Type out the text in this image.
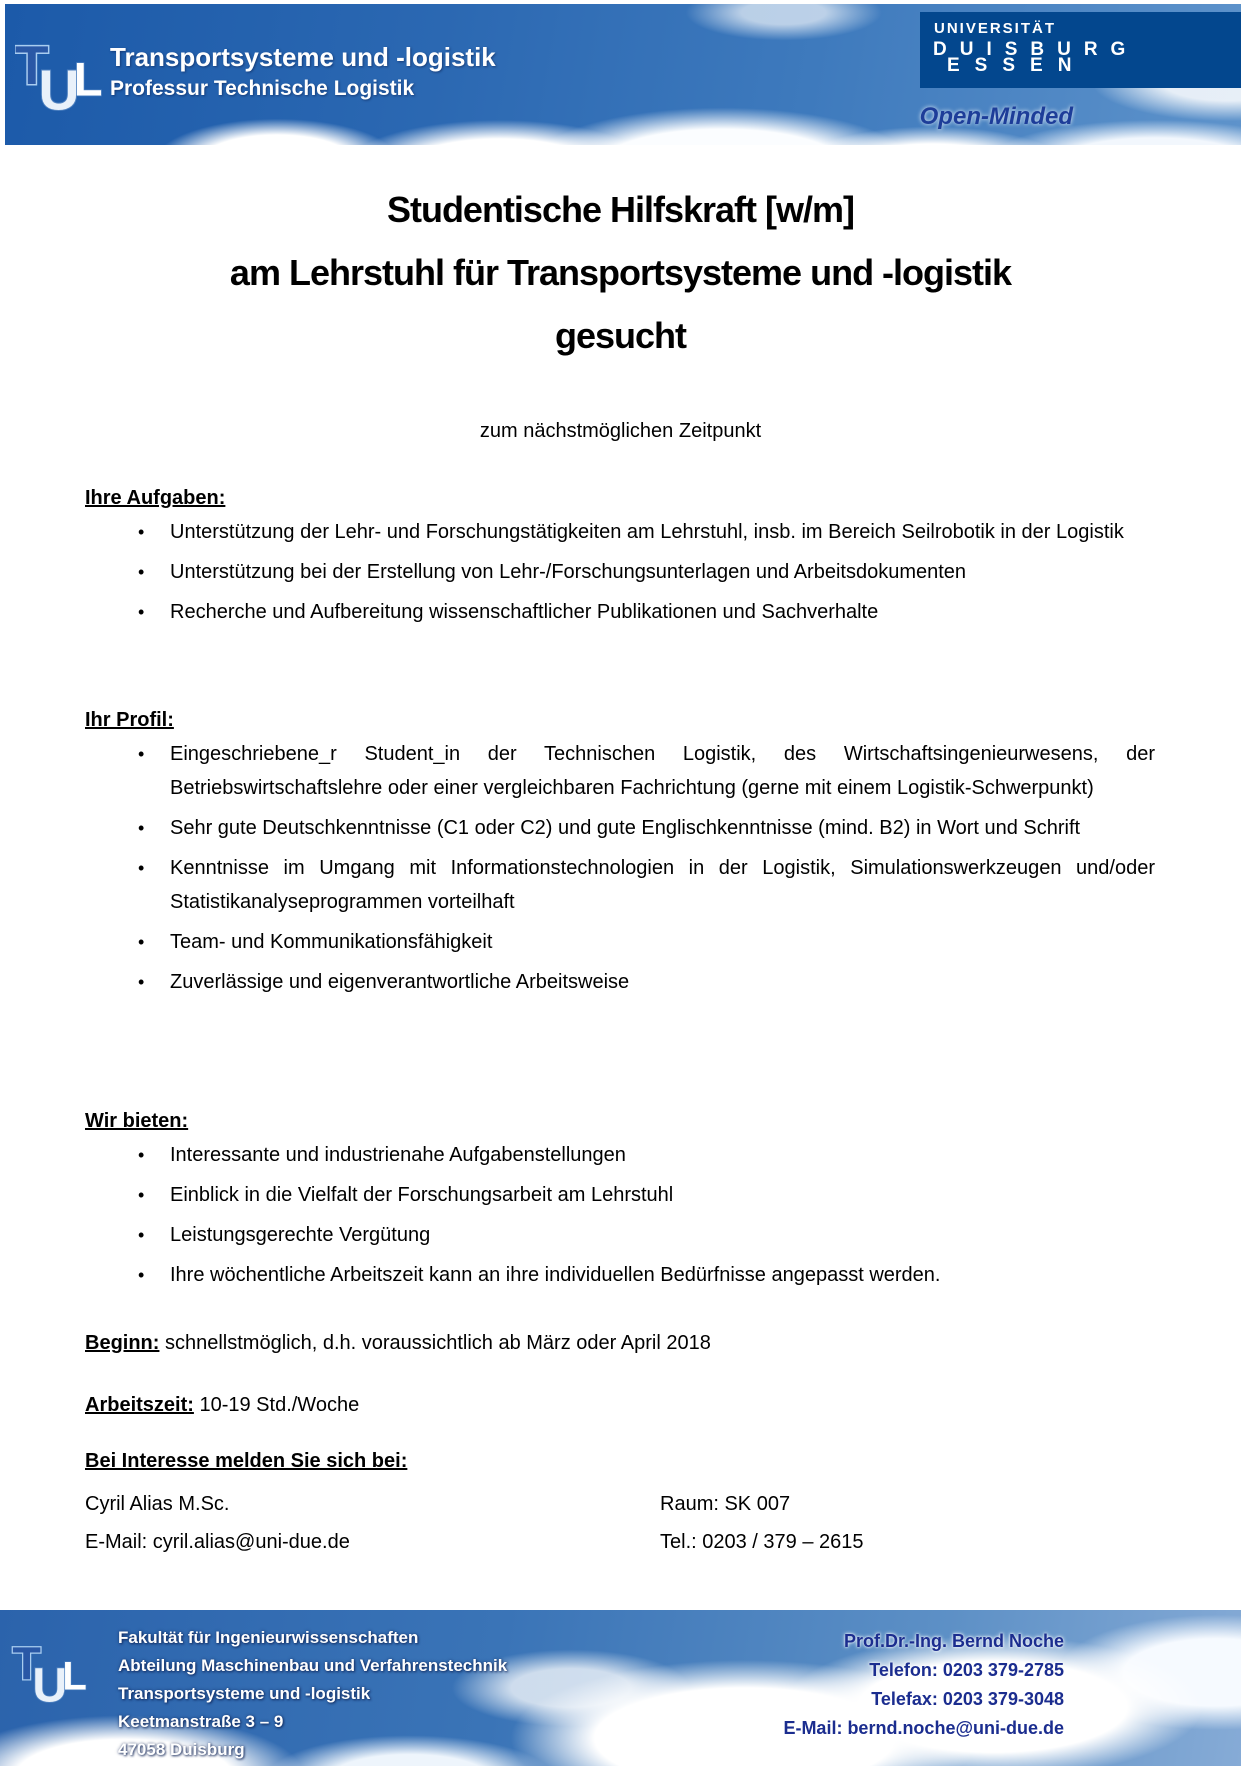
T
U
L Transportsysteme und -logistik
Professur Technische Logistik
UNIVERSITÄT
DUISBURG
ESSEN
Open-Minded
Studentische Hilfskraft [w/m]
am Lehrstuhl für Transportsysteme und -logistik
gesucht
zum nächstmöglichen Zeitpunkt
Ihre Aufgaben:
• Unterstützung der Lehr- und Forschungstätigkeiten am Lehrstuhl, insb. im Bereich Seilrobotik in der Logistik
• Unterstützung bei der Erstellung von Lehr-/Forschungsunterlagen und Arbeitsdokumenten
• Recherche und Aufbereitung wissenschaftlicher Publikationen und Sachverhalte
Ihr Profil:
• Eingeschriebene_r Student_in der Technischen Logistik, des Wirtschaftsingenieurwesens, der Betriebswirtschaftslehre oder einer vergleichbaren Fachrichtung (gerne mit einem Logistik-Schwerpunkt)
• Sehr gute Deutschkenntnisse (C1 oder C2) und gute Englischkenntnisse (mind. B2) in Wort und Schrift
• Kenntnisse im Umgang mit Informationstechnologien in der Logistik, Simulationswerkzeugen und/oder Statistikanalyseprogrammen vorteilhaft
• Team- und Kommunikationsfähigkeit
• Zuverlässige und eigenverantwortliche Arbeitsweise
Wir bieten:
• Interessante und industrienahe Aufgabenstellungen
• Einblick in die Vielfalt der Forschungsarbeit am Lehrstuhl
• Leistungsgerechte Vergütung
• Ihre wöchentliche Arbeitszeit kann an ihre individuellen Bedürfnisse angepasst werden.
Beginn: schnellstmöglich, d.h. voraussichtlich ab März oder April 2018
Arbeitszeit: 10-19 Std./Woche
Bei Interesse melden Sie sich bei:
Cyril Alias M.Sc.	Raum: SK 007
E-Mail: cyril.alias@uni-due.de	Tel.: 0203 / 379 – 2615
T
U
L
Fakultät für Ingenieurwissenschaften
Abteilung Maschinenbau und Verfahrenstechnik
Transportsysteme und -logistik
Keetmanstraße 3 – 9
47058 Duisburg
Prof.Dr.-Ing. Bernd Noche
Telefon: 0203 379-2785
Telefax: 0203 379-3048
E-Mail: bernd.noche@uni-due.de
